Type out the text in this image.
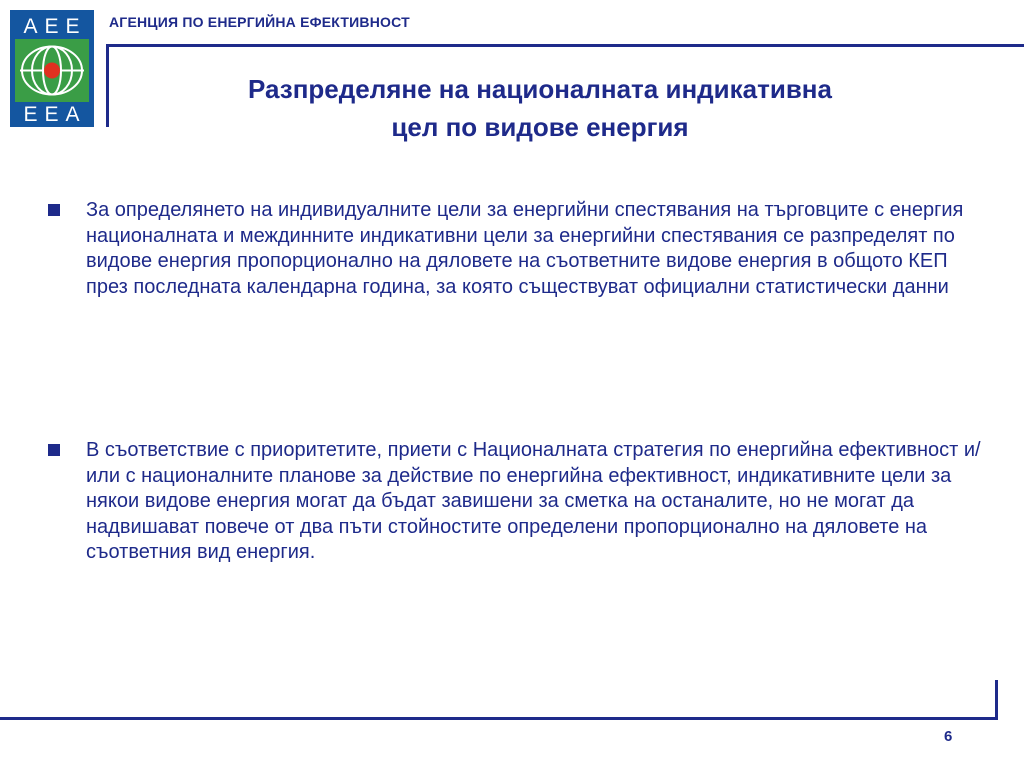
AEE
EEA
АГЕНЦИЯ ПО ЕНЕРГИЙНА ЕФЕКТИВНОСТ
Разпределяне на националната индикативна
цел по видове енергия
За определянето на индивидуалните цели за енергийни спестявания на търговците с енергия националната и междинните индикативни цели за енергийни спестявания се разпределят по видове енергия пропорционално на дяловете на съответните видове енергия в общото КЕП през последната календарна година, за която съществуват официални статистически данни
В съответствие с приоритетите, приети с Националната стратегия по енергийна ефективност и/или с националните планове за действие по енергийна ефективност, индикативните цели за някои видове енергия могат да бъдат завишени за сметка на останалите, но не могат да надвишават повече от два пъти стойностите определени пропорционално на дяловете на съответния вид енергия.
6
